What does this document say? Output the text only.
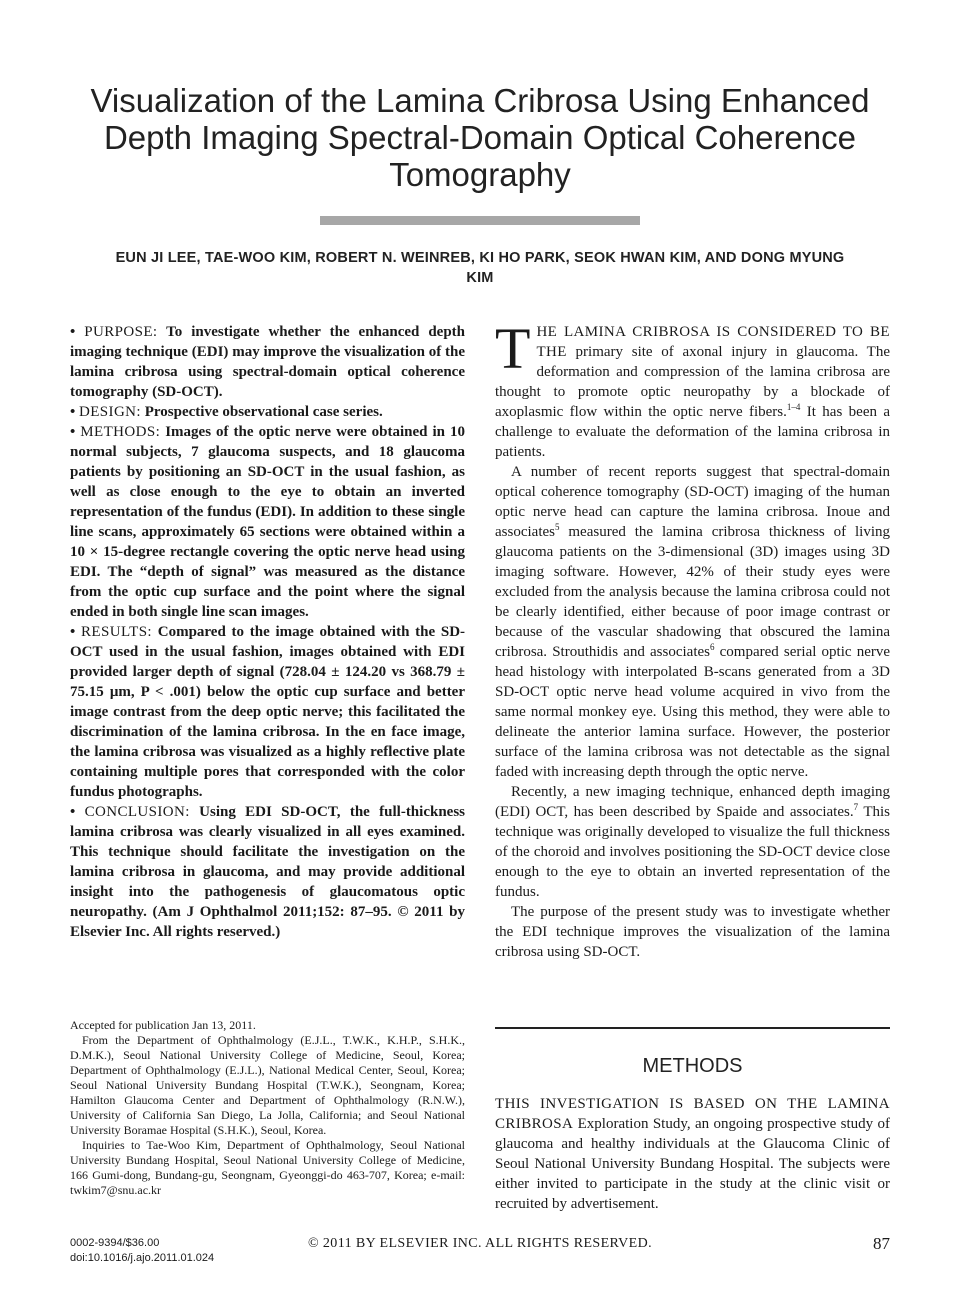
Visualization of the Lamina Cribrosa Using Enhanced Depth Imaging Spectral-Domain Optical Coherence Tomography
EUN JI LEE, TAE-WOO KIM, ROBERT N. WEINREB, KI HO PARK, SEOK HWAN KIM, AND DONG MYUNG KIM

• PURPOSE: To investigate whether the enhanced depth imaging technique (EDI) may improve the visualization of the lamina cribrosa using spectral-domain optical coherence tomography (SD-OCT).

• DESIGN: Prospective observational case series.

• METHODS: Images of the optic nerve were obtained in 10 normal subjects, 7 glaucoma suspects, and 18 glaucoma patients by positioning an SD-OCT in the usual fashion, as well as close enough to the eye to obtain an inverted representation of the fundus (EDI). In addition to these single line scans, approximately 65 sections were obtained within a 10 × 15-degree rectangle covering the optic nerve head using EDI. The “depth of signal” was measured as the distance from the optic cup surface and the point where the signal ended in both single line scan images.

• RESULTS: Compared to the image obtained with the SD-OCT used in the usual fashion, images obtained with EDI provided larger depth of signal (728.04 ± 124.20 vs 368.79 ± 75.15 μm, P < .001) below the optic cup surface and better image contrast from the deep optic nerve; this facilitated the discrimination of the lamina cribrosa. In the en face image, the lamina cribrosa was visualized as a highly reflective plate containing multiple pores that corresponded with the color fundus photographs.

• CONCLUSION: Using EDI SD-OCT, the full-thickness lamina cribrosa was clearly visualized in all eyes examined. This technique should facilitate the investigation on the lamina cribrosa in glaucoma, and may provide additional insight into the pathogenesis of glaucomatous optic neuropathy. (Am J Ophthalmol 2011;152: 87–95. © 2011 by Elsevier Inc. All rights reserved.)

THE LAMINA CRIBROSA IS CONSIDERED TO BE THE primary site of axonal injury in glaucoma. The deformation and compression of the lamina cribrosa are thought to promote optic neuropathy by a blockade of axoplasmic flow within the optic nerve fibers.$^{1-4}$ It has been a challenge to evaluate the deformation of the lamina cribrosa in patients.

A number of recent reports suggest that spectral-domain optical coherence tomography (SD-OCT) imaging of the human optic nerve head can capture the lamina cribrosa. Inoue and associates$^5$ measured the lamina cribrosa thickness of living glaucoma patients on the 3-dimensional (3D) images using 3D imaging software. However, 42% of their study eyes were excluded from the analysis because the lamina cribrosa could not be clearly identified, either because of poor image contrast or because of the vascular shadowing that obscured the lamina cribrosa. Strouthidis and associates$^6$ compared serial optic nerve head histology with interpolated B-scans generated from a 3D SD-OCT optic nerve head volume acquired in vivo from the same normal monkey eye. Using this method, they were able to delineate the anterior lamina surface. However, the posterior surface of the lamina cribrosa was not detectable as the signal faded with increasing depth through the optic nerve.

Recently, a new imaging technique, enhanced depth imaging (EDI) OCT, has been described by Spaide and associates.$^7$ This technique was originally developed to visualize the full thickness of the choroid and involves positioning the SD-OCT device close enough to the eye to obtain an inverted representation of the fundus.

The purpose of the present study was to investigate whether the EDI technique improves the visualization of the lamina cribrosa using SD-OCT.

METHODS

THIS INVESTIGATION IS BASED ON THE LAMINA CRIBROSA Exploration Study, an ongoing prospective study of glaucoma and healthy individuals at the Glaucoma Clinic of Seoul National University Bundang Hospital. The subjects were either invited to participate in the study at the clinic visit or recruited by advertisement.

Accepted for publication Jan 13, 2011.

From the Department of Ophthalmology (E.J.L., T.W.K., K.H.P., S.H.K., D.M.K.), Seoul National University College of Medicine, Seoul, Korea; Department of Ophthalmology (E.J.L.), National Medical Center, Seoul, Korea; Seoul National University Bundang Hospital (T.W.K.), Seongnam, Korea; Hamilton Glaucoma Center and Department of Ophthalmology (R.N.W.), University of California San Diego, La Jolla, California; and Seoul National University Boramae Hospital (S.H.K.), Seoul, Korea.

Inquiries to Tae-Woo Kim, Department of Ophthalmology, Seoul National University Bundang Hospital, Seoul National University College of Medicine, 166 Gumi-dong, Bundang-gu, Seongnam, Gyeonggi-do 463-707, Korea; e-mail: twkim7@snu.ac.kr

0002-9394/$36.00
doi:10.1016/j.ajo.2011.01.024
© 2011 BY ELSEVIER INC. ALL RIGHTS RESERVED.	87
